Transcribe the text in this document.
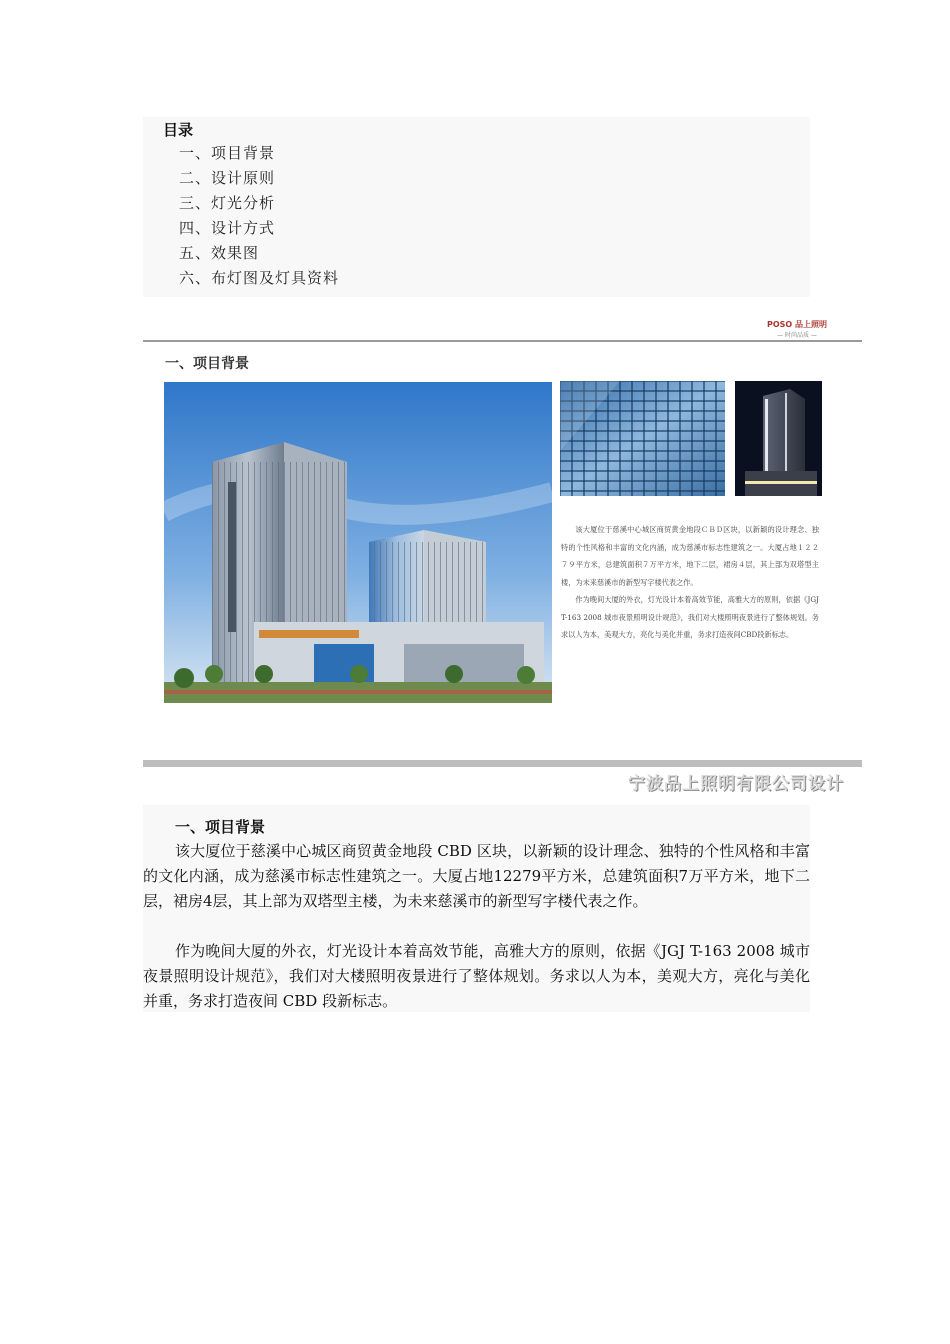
目录
一、项目背景
二、设计原则
三、灯光分析
四、设计方式
五、效果图
六、布灯图及灯具资料
POSO 品上照明
— 时尚品质 —
一、项目背景

该大厦位于慈溪中心城区商贸黄金地段ＣＢＤ区块，以新颖的设计理念、独特的个性风格和丰富的文化内涵，成为慈溪市标志性建筑之一。大厦占地１２２７９平方米，总建筑面积７万平方米，地下二层，裙房４层，其上部为双塔型主楼，为未来慈溪市的新型写字楼代表之作。

作为晚间大厦的外衣，灯光设计本着高效节能，高雅大方的原则，依据《JGJ T-163 2008 城市夜景照明设计规范》，我们对大楼照明夜景进行了整体规划。务求以人为本，美观大方，亮化与美化并重，务求打造夜间CBD段新标志。

宁波品上照明有限公司设计
一、项目背景
该大厦位于慈溪中心城区商贸黄金地段 CBD 区块，以新颖的设计理念、独特的个性风格和丰富的文化内涵，成为慈溪市标志性建筑之一。大厦占地12279平方米，总建筑面积7万平方米，地下二层，裙房4层，其上部为双塔型主楼，为未来慈溪市的新型写字楼代表之作。
作为晚间大厦的外衣，灯光设计本着高效节能，高雅大方的原则，依据《JGJ T-163 2008 城市夜景照明设计规范》，我们对大楼照明夜景进行了整体规划。务求以人为本，美观大方，亮化与美化并重，务求打造夜间 CBD 段新标志。
